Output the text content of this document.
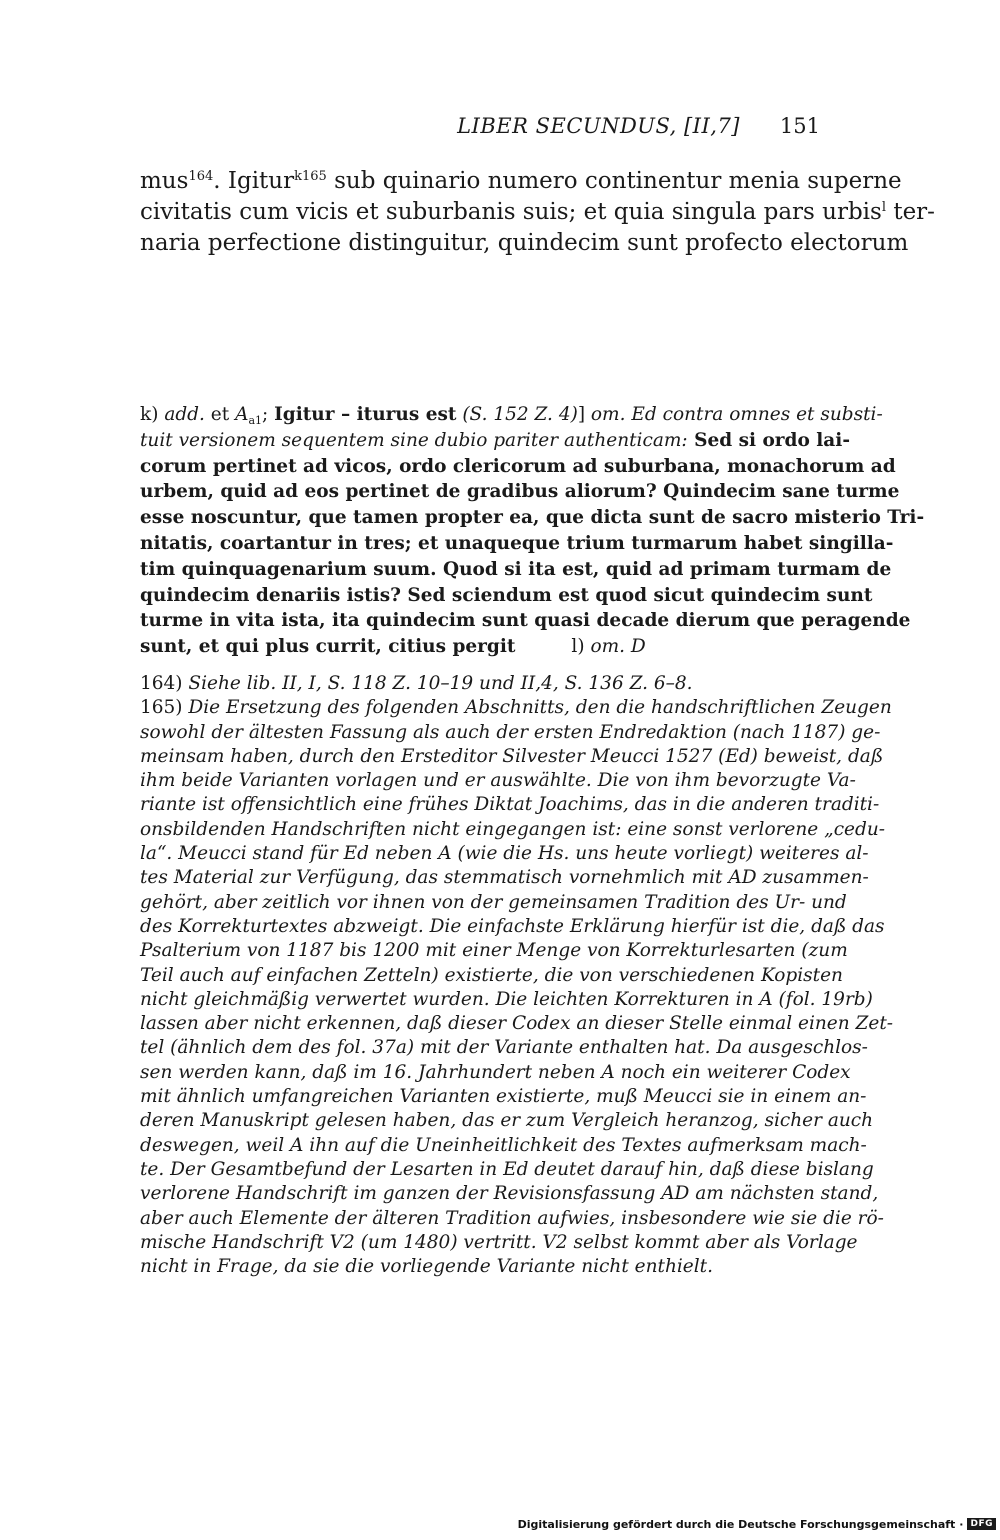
LIBER SECUNDUS, [II,7] 151
mus$^{164}$. Igitur$^{k165}$ sub quinario numero continentur menia superne
civitatis cum vicis et suburbanis suis; et quia singula pars urbis$^l$ ter-
naria perfectione distinguitur, quindecim sunt profecto electorum
k) add. et $A_{a1}$; Igitur – iturus est (S. 152 Z. 4)] om. Ed contra omnes et substi-
tuit versionem sequentem sine dubio pariter authenticam: Sed si ordo lai-
corum pertinet ad vicos, ordo clericorum ad suburbana, monachorum ad
urbem, quid ad eos pertinet de gradibus aliorum? Quindecim sane turme
esse noscuntur, que tamen propter ea, que dicta sunt de sacro misterio Tri-
nitatis, coartantur in tres; et unaqueque trium turmarum habet singilla-
tim quinquagenarium suum. Quod si ita est, quid ad primam turmam de
quindecim denariis istis? Sed sciendum est quod sicut quindecim sunt
turme in vita ista, ita quindecim sunt quasi decade dierum que peragende
sunt, et qui plus currit, citius pergit	l) om. D
164) Siehe lib. II, I, S. 118 Z. 10–19 und II,4, S. 136 Z. 6–8.
165) Die Ersetzung des folgenden Abschnitts, den die handschriftlichen Zeugen
sowohl der ältesten Fassung als auch der ersten Endredaktion (nach 1187) ge-
meinsam haben, durch den Ersteditor Silvester Meucci 1527 (Ed) beweist, daß
ihm beide Varianten vorlagen und er auswählte. Die von ihm bevorzugte Va-
riante ist offensichtlich eine frühes Diktat Joachims, das in die anderen traditi-
onsbildenden Handschriften nicht eingegangen ist: eine sonst verlorene „cedu-
la“. Meucci stand für Ed neben A (wie die Hs. uns heute vorliegt) weiteres al-
tes Material zur Verfügung, das stemmatisch vornehmlich mit AD zusammen-
gehört, aber zeitlich vor ihnen von der gemeinsamen Tradition des Ur- und
des Korrekturtextes abzweigt. Die einfachste Erklärung hierfür ist die, daß das
Psalterium von 1187 bis 1200 mit einer Menge von Korrekturlesarten (zum
Teil auch auf einfachen Zetteln) existierte, die von verschiedenen Kopisten
nicht gleichmäßig verwertet wurden. Die leichten Korrekturen in A (fol. 19rb)
lassen aber nicht erkennen, daß dieser Codex an dieser Stelle einmal einen Zet-
tel (ähnlich dem des fol. 37a) mit der Variante enthalten hat. Da ausgeschlos-
sen werden kann, daß im 16. Jahrhundert neben A noch ein weiterer Codex
mit ähnlich umfangreichen Varianten existierte, muß Meucci sie in einem an-
deren Manuskript gelesen haben, das er zum Vergleich heranzog, sicher auch
deswegen, weil A ihn auf die Uneinheitlichkeit des Textes aufmerksam mach-
te. Der Gesamtbefund der Lesarten in Ed deutet darauf hin, daß diese bislang
verlorene Handschrift im ganzen der Revisionsfassung AD am nächsten stand,
aber auch Elemente der älteren Tradition aufwies, insbesondere wie sie die rö-
mische Handschrift V2 (um 1480) vertritt. V2 selbst kommt aber als Vorlage
nicht in Frage, da sie die vorliegende Variante nicht enthielt.
Digitalisierung gefördert durch die Deutsche Forschungsgemeinschaft · DFG
